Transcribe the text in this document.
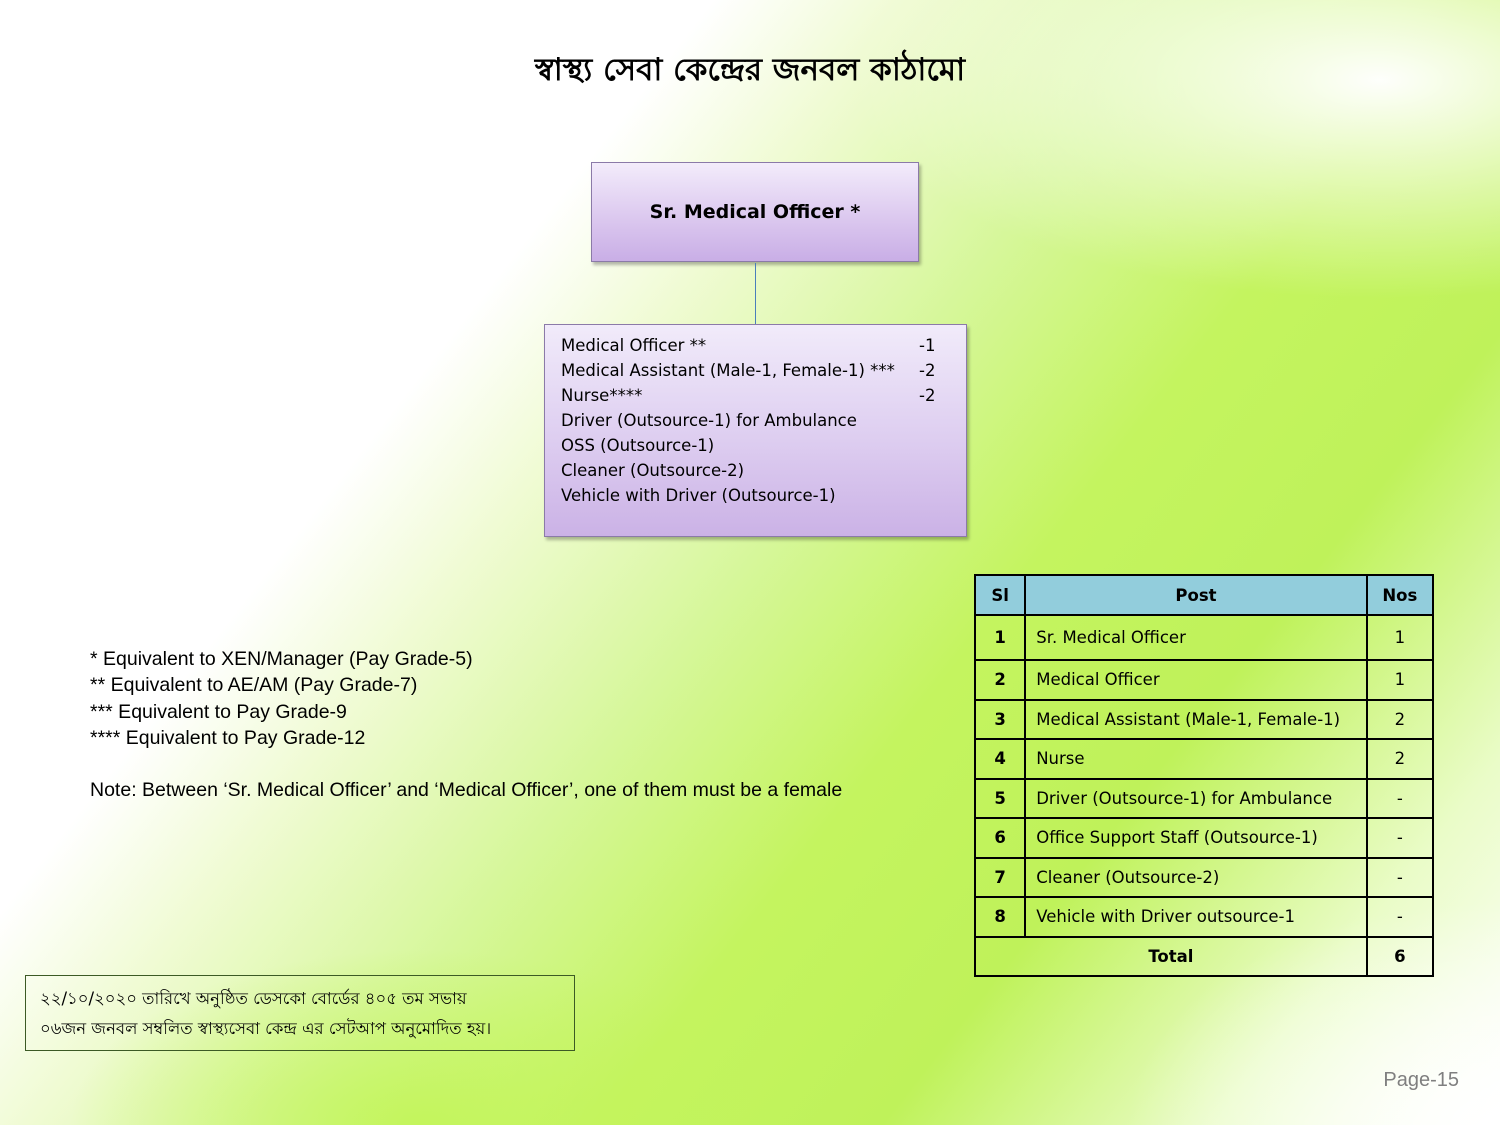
স্বাস্থ্য সেবা কেন্দ্রের জনবল কাঠামো
Sr. Medical Officer *
Medical Officer **	-1
Medical Assistant (Male-1, Female-1) *** -2
Nurse****	-2
Driver (Outsource-1) for Ambulance
OSS (Outsource-1)
Cleaner (Outsource-2)
Vehicle with Driver (Outsource-1)

* Equivalent to XEN/Manager (Pay Grade-5)

** Equivalent to AE/AM (Pay Grade-7)

*** Equivalent to Pay Grade-9

**** Equivalent to Pay Grade-12

Note: Between ‘Sr. Medical Officer’ and ‘Medical Officer’, one of them must be a female

Sl	Post	Nos
1	Sr. Medical Officer	1
2	Medical Officer	1
3	Medical Assistant (Male-1, Female-1)	2
4	Nurse	2
5	Driver (Outsource-1) for Ambulance	-
6	Office Support Staff (Outsource-1)	-
7	Cleaner (Outsource-2)	-
8	Vehicle with Driver outsource-1	-
Total		6
২২/১০/২০২০ তারিখে অনুষ্ঠিত ডেসকো বোর্ডের ৪০৫ তম সভায়
০৬জন জনবল সম্বলিত স্বাস্থ্যসেবা কেন্দ্র এর সেটআপ অনুমোদিত হয়।
Page-15
